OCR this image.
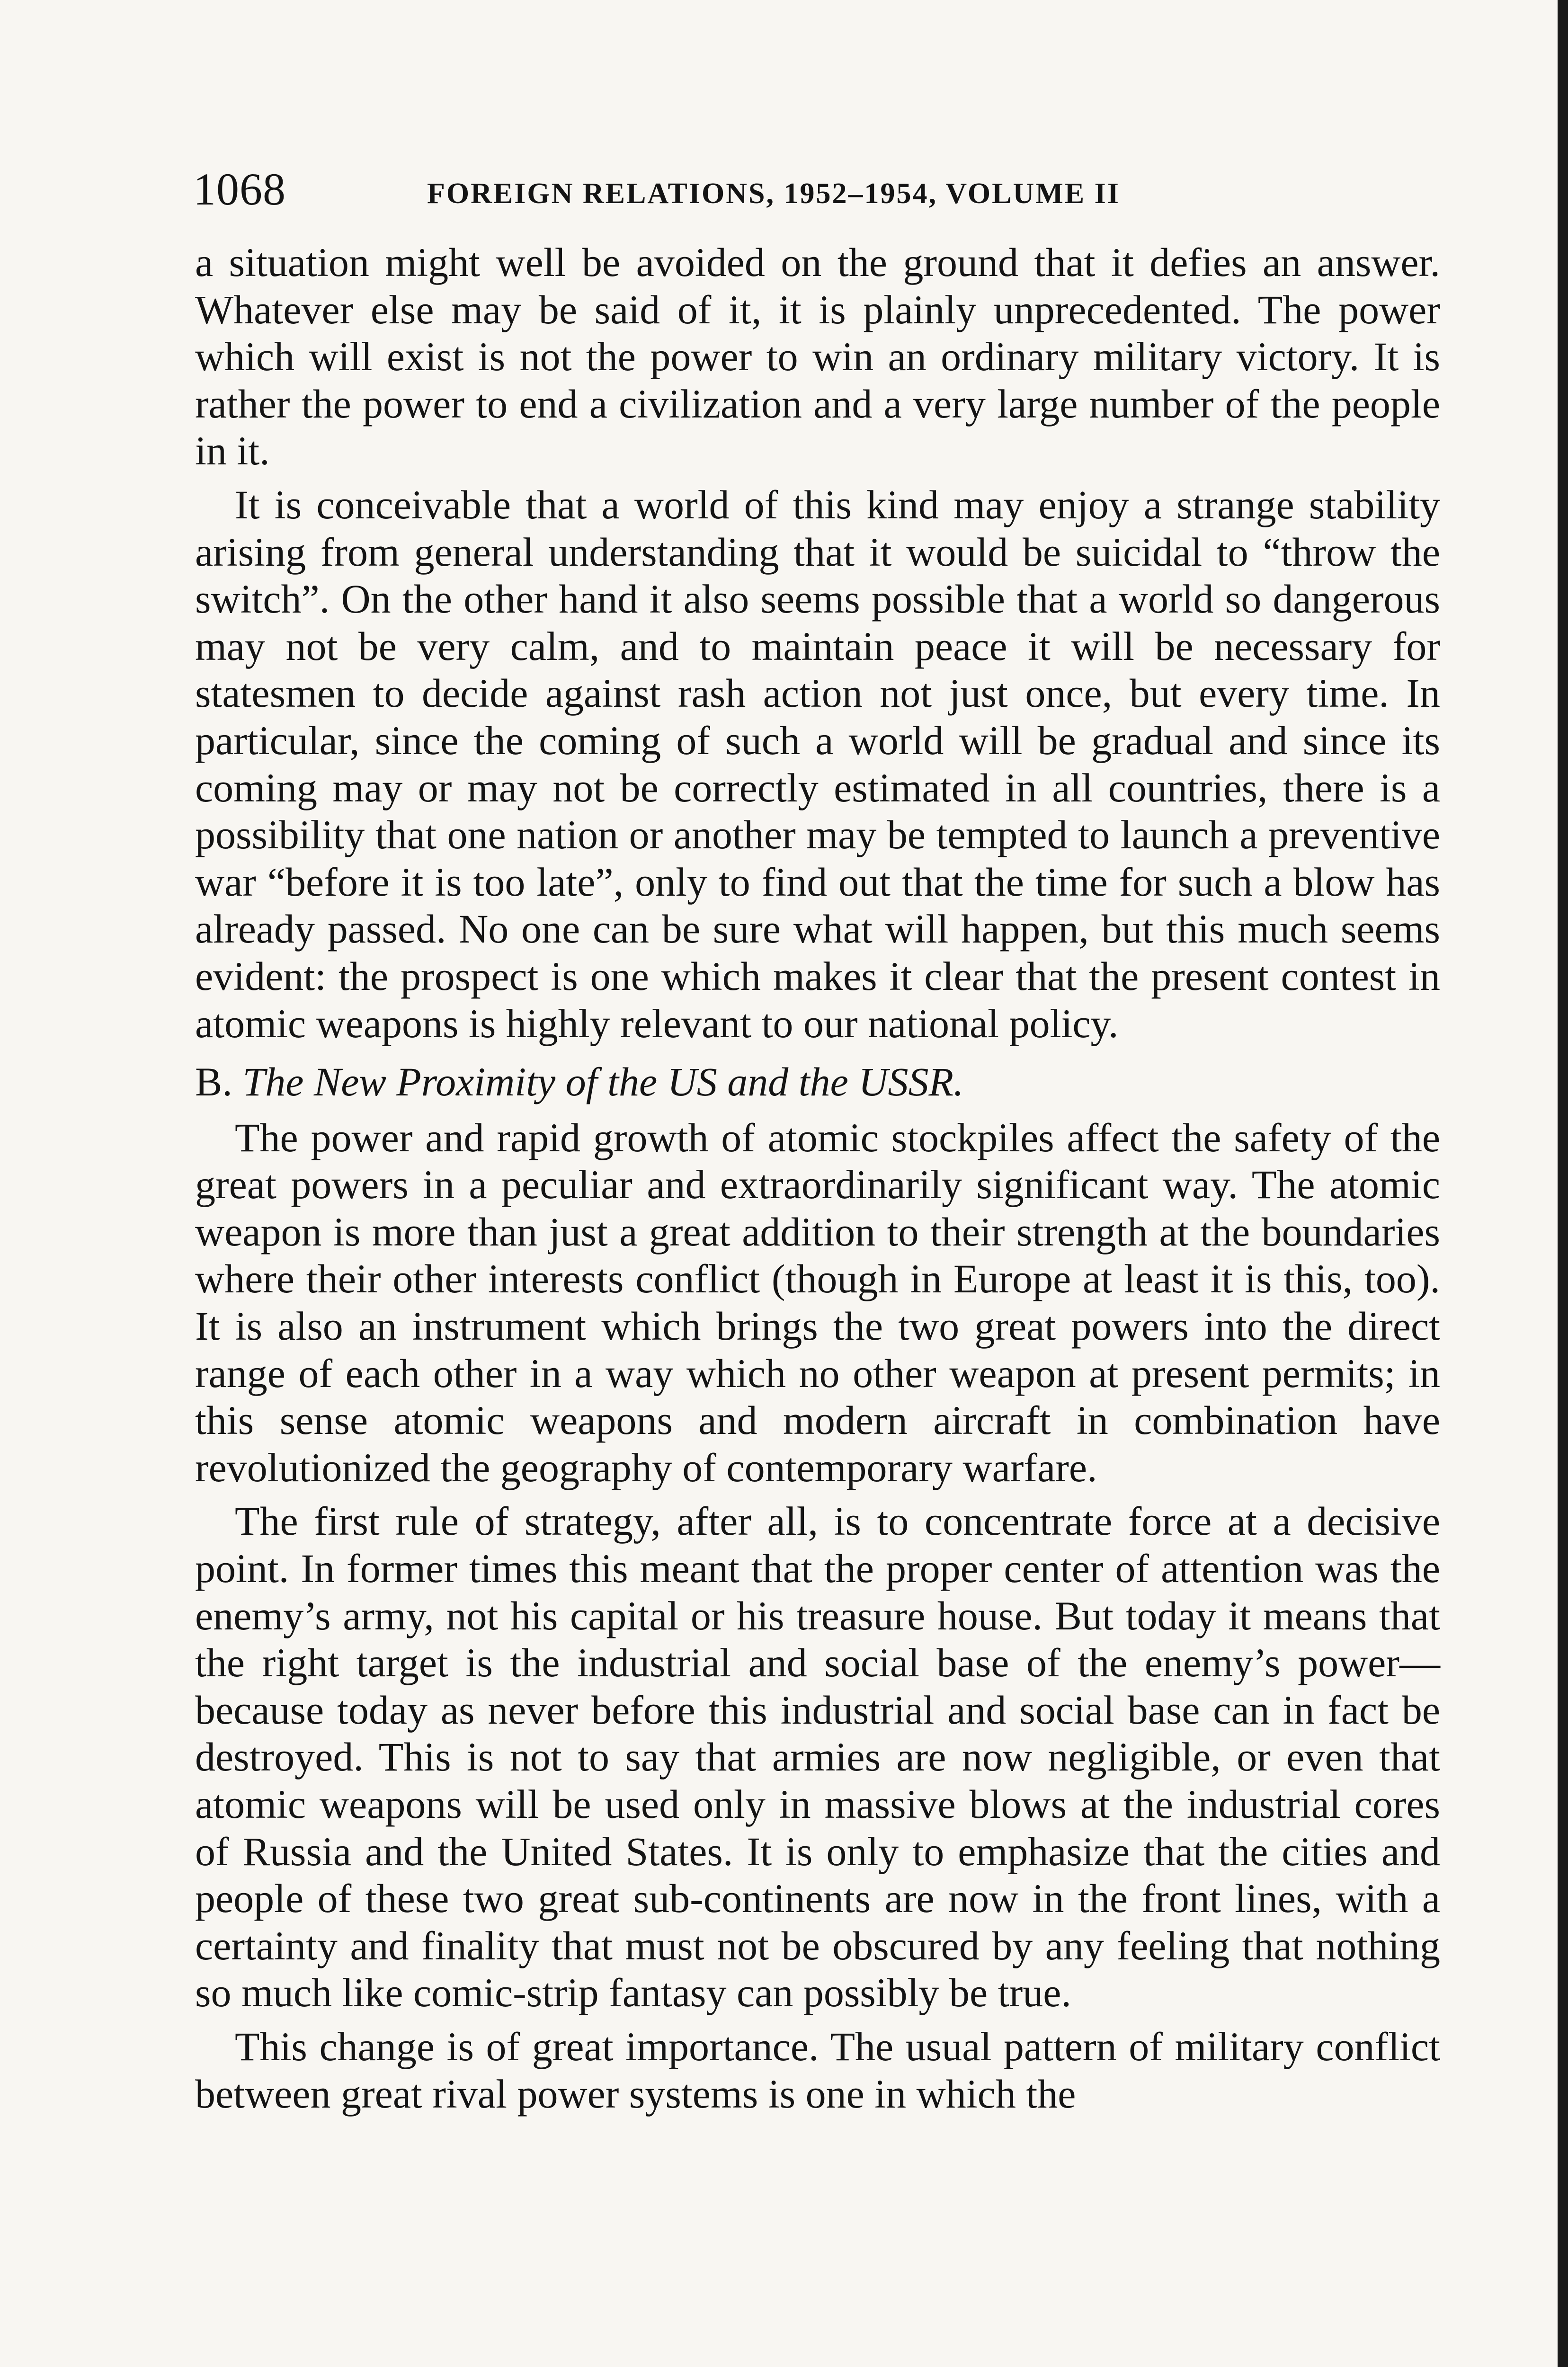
1068	FOREIGN RELATIONS, 1952–1954, VOLUME II

a situation might well be avoided on the ground that it defies an answer. Whatever else may be said of it, it is plainly unprecedented. The power which will exist is not the power to win an ordinary military victory. It is rather the power to end a civilization and a very large number of the people in it.

It is conceivable that a world of this kind may enjoy a strange stability arising from general understanding that it would be suicidal to “throw the switch”. On the other hand it also seems possible that a world so dangerous may not be very calm, and to maintain peace it will be necessary for statesmen to decide against rash action not just once, but every time. In particular, since the coming of such a world will be gradual and since its coming may or may not be correctly estimated in all countries, there is a possibility that one nation or another may be tempted to launch a preventive war “before it is too late”, only to find out that the time for such a blow has already passed. No one can be sure what will happen, but this much seems evident: the prospect is one which makes it clear that the present contest in atomic weapons is highly relevant to our national policy.

B. The New Proximity of the US and the USSR.

The power and rapid growth of atomic stockpiles affect the safety of the great powers in a peculiar and extraordinarily significant way. The atomic weapon is more than just a great addition to their strength at the boundaries where their other interests conflict (though in Europe at least it is this, too). It is also an instrument which brings the two great powers into the direct range of each other in a way which no other weapon at present permits; in this sense atomic weapons and modern aircraft in combination have revolutionized the geography of contemporary warfare.

The first rule of strategy, after all, is to concentrate force at a decisive point. In former times this meant that the proper center of attention was the enemy’s army, not his capital or his treasure house. But today it means that the right target is the industrial and social base of the enemy’s power—because today as never before this industrial and social base can in fact be destroyed. This is not to say that armies are now negligible, or even that atomic weapons will be used only in massive blows at the industrial cores of Russia and the United States. It is only to emphasize that the cities and people of these two great sub-continents are now in the front lines, with a certainty and finality that must not be obscured by any feeling that nothing so much like comic-strip fantasy can possibly be true.

This change is of great importance. The usual pattern of military conflict between great rival power systems is one in which the
